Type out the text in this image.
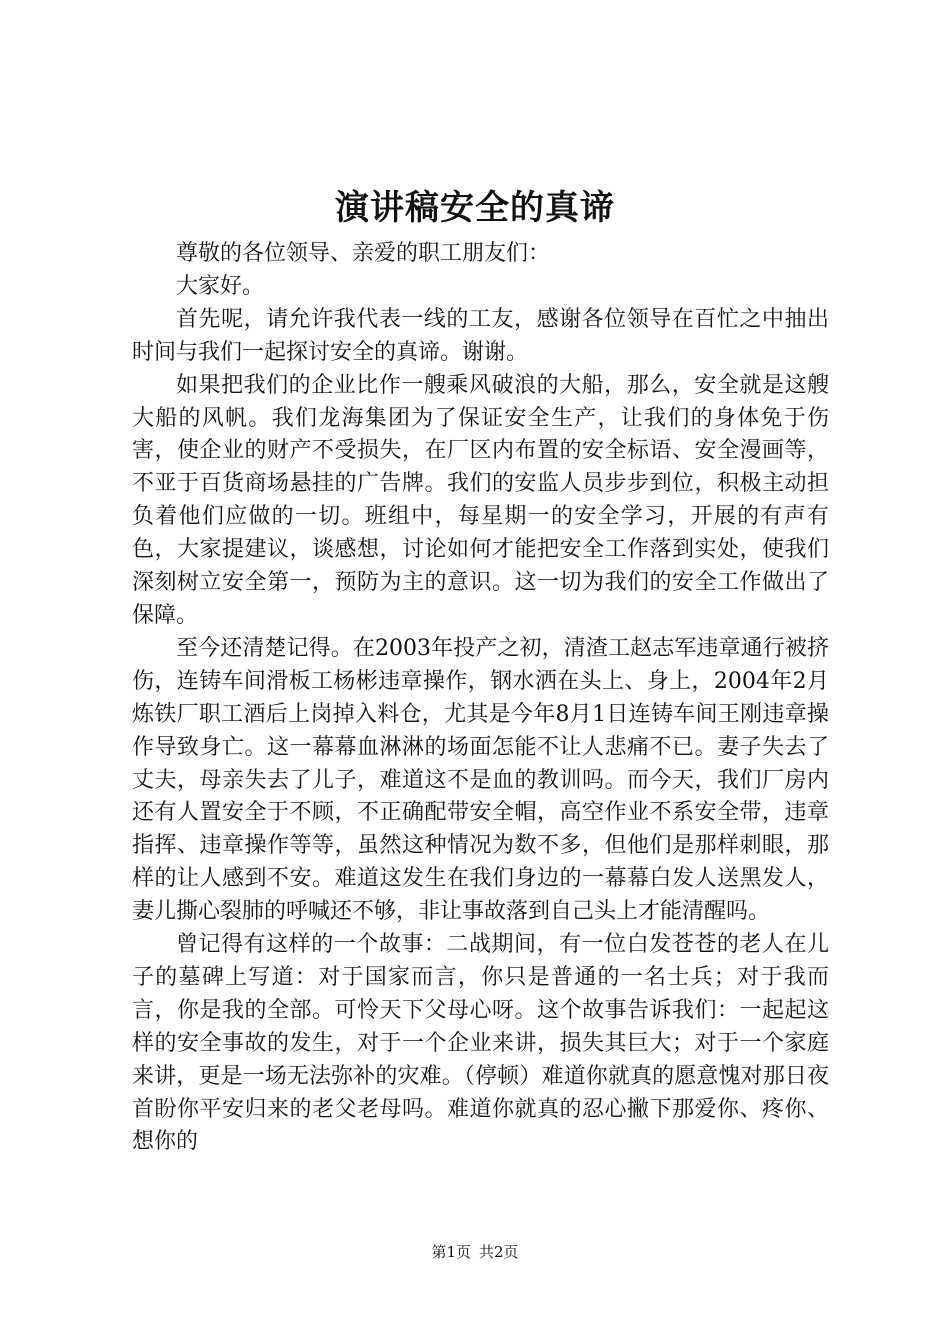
演讲稿安全的真谛

尊敬的各位领导、亲爱的职工朋友们：

大家好。

首先呢，请允许我代表一线的工友，感谢各位领导在百忙之中抽出时间与我们一起探讨安全的真谛。谢谢。

如果把我们的企业比作一艘乘风破浪的大船，那么，安全就是这艘大船的风帆。我们龙海集团为了保证安全生产，让我们的身体免于伤害，使企业的财产不受损失，在厂区内布置的安全标语、安全漫画等，不亚于百货商场悬挂的广告牌。我们的安监人员步步到位，积极主动担负着他们应做的一切。班组中，每星期一的安全学习，开展的有声有色，大家提建议，谈感想，讨论如何才能把安全工作落到实处，使我们深刻树立安全第一，预防为主的意识。这一切为我们的安全工作做出了保障。

至今还清楚记得。在2003年投产之初，清渣工赵志军违章通行被挤伤，连铸车间滑板工杨彬违章操作，钢水洒在头上、身上，2004年2月炼铁厂职工酒后上岗掉入料仓，尤其是今年8月1日连铸车间王刚违章操作导致身亡。这一幕幕血淋淋的场面怎能不让人悲痛不已。妻子失去了丈夫，母亲失去了儿子，难道这不是血的教训吗。而今天，我们厂房内还有人置安全于不顾，不正确配带安全帽，高空作业不系安全带，违章指挥、违章操作等等，虽然这种情况为数不多，但他们是那样刺眼，那样的让人感到不安。难道这发生在我们身边的一幕幕白发人送黑发人，妻儿撕心裂肺的呼喊还不够，非让事故落到自己头上才能清醒吗。

曾记得有这样的一个故事：二战期间，有一位白发苍苍的老人在儿子的墓碑上写道：对于国家而言，你只是普通的一名士兵；对于我而言，你是我的全部。可怜天下父母心呀。这个故事告诉我们：一起起这样的安全事故的发生，对于一个企业来讲，损失其巨大；对于一个家庭来讲，更是一场无法弥补的灾难。（停顿）难道你就真的愿意愧对那日夜首盼你平安归来的老父老母吗。难道你就真的忍心撇下那爱你、疼你、想你的

第1页 共2页
